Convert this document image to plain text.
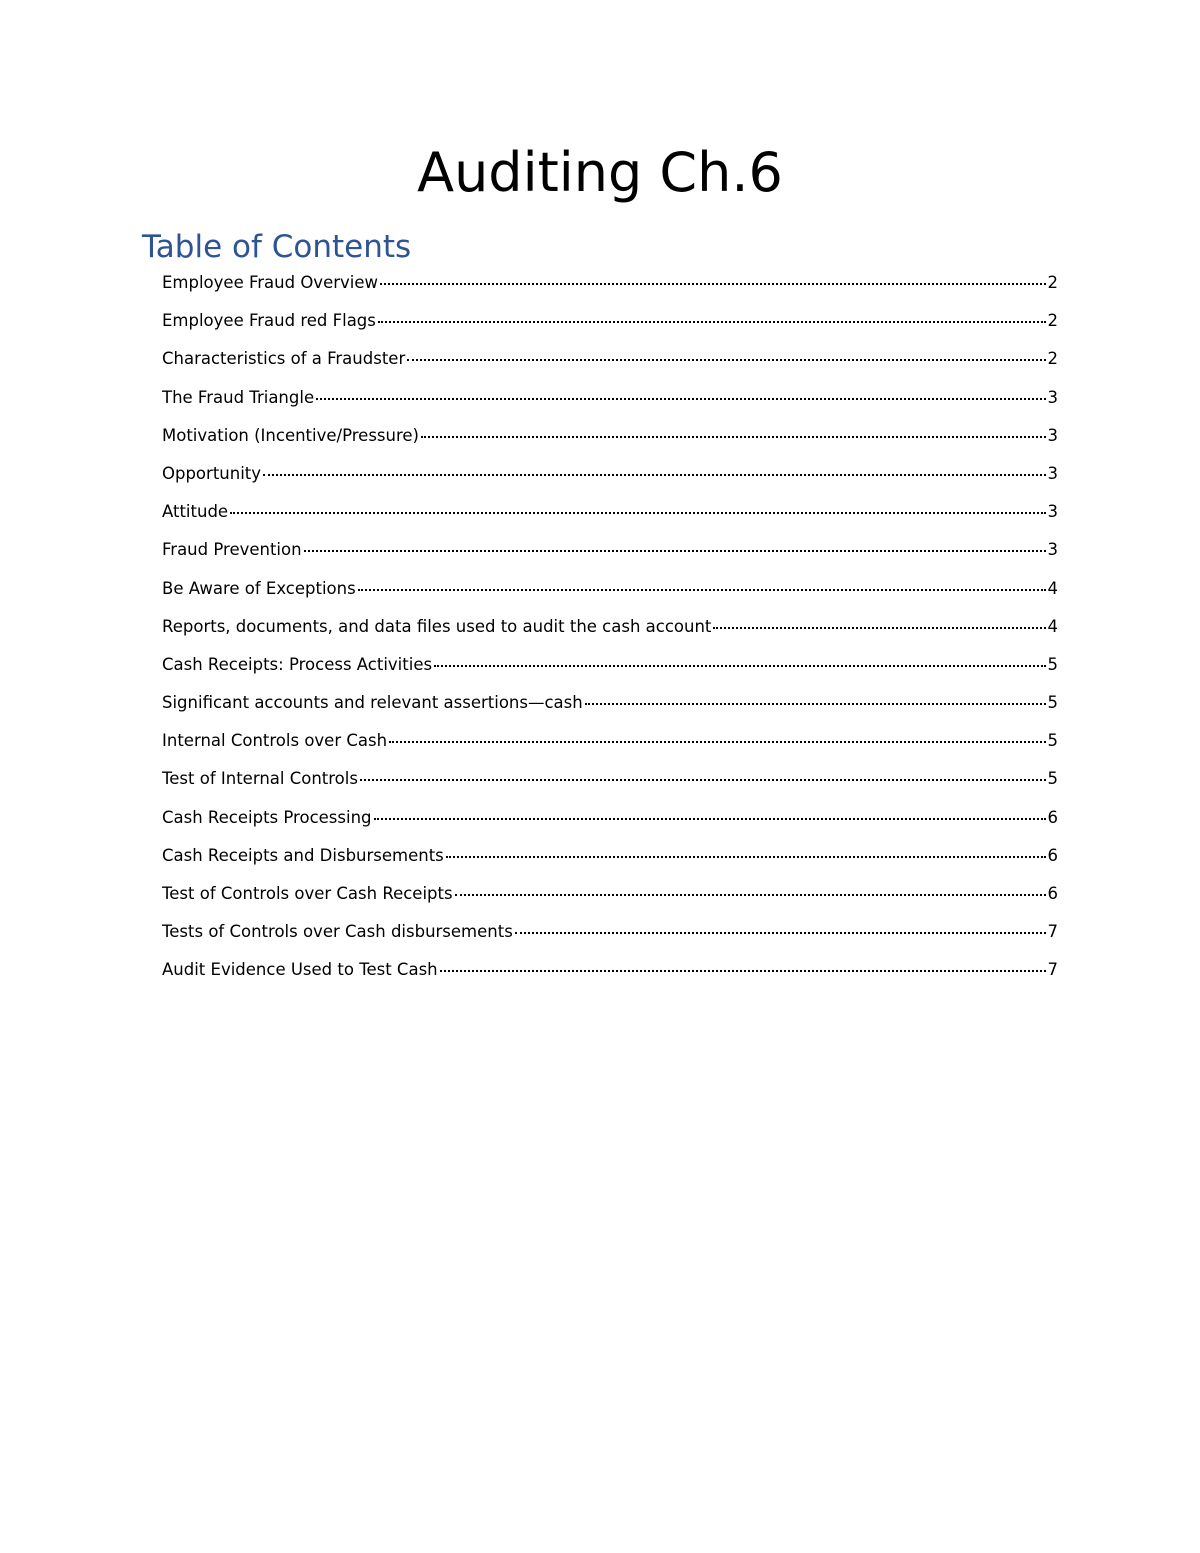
Auditing Ch.6
Table of Contents
Employee Fraud Overview	2
Employee Fraud red Flags	2
Characteristics of a Fraudster	2
The Fraud Triangle	3
Motivation (Incentive/Pressure)	3
Opportunity	3
Attitude	3
Fraud Prevention	3
Be Aware of Exceptions	4
Reports, documents, and data files used to audit the cash account	4
Cash Receipts: Process Activities	5
Significant accounts and relevant assertions—cash	5
Internal Controls over Cash	5
Test of Internal Controls	5
Cash Receipts Processing	6
Cash Receipts and Disbursements	6
Test of Controls over Cash Receipts	6
Tests of Controls over Cash disbursements	7
Audit Evidence Used to Test Cash	7
